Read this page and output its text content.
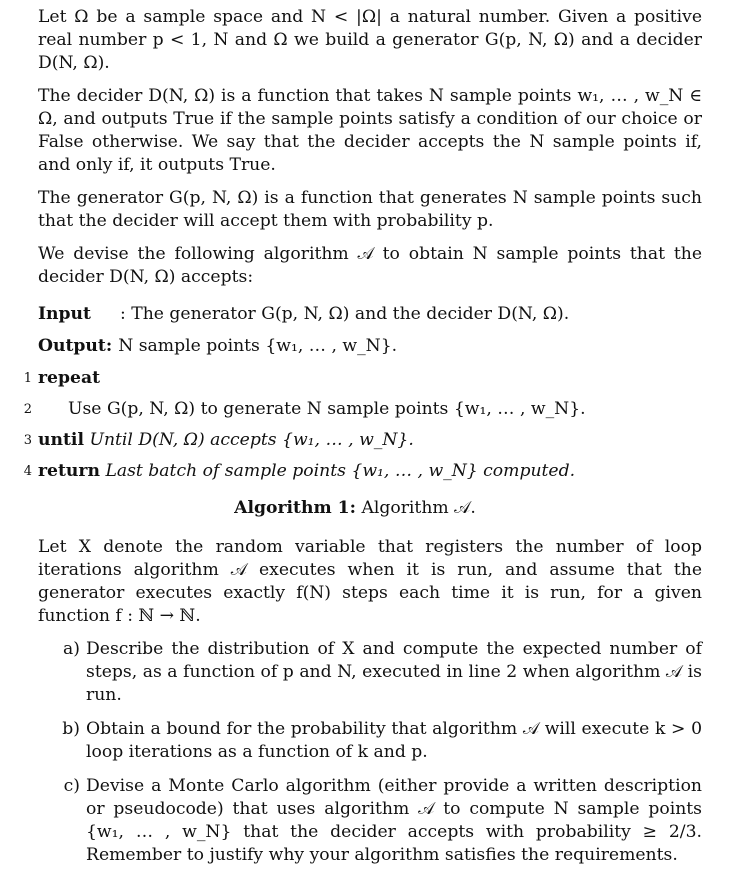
Let Ω be a sample space and N < |Ω| a natural number. Given a positive real number p < 1, N and Ω we build a generator G(p, N, Ω) and a decider D(N, Ω).

The decider D(N, Ω) is a function that takes N sample points w₁, … , w_N ∈ Ω, and outputs True if the sample points satisfy a condition of our choice or False otherwise. We say that the decider accepts the N sample points if, and only if, it outputs True.

The generator G(p, N, Ω) is a function that generates N sample points such that the decider will accept them with probability p.

We devise the following algorithm 𝒜 to obtain N sample points that the decider D(N, Ω) accepts:

Input	: The generator G(p, N, Ω) and the decider D(N, Ω).
Output: N sample points {w₁, … , w_N}.
1 repeat
2 Use G(p, N, Ω) to generate N sample points {w₁, … , w_N}.
3 until Until D(N, Ω) accepts {w₁, … , w_N}.
4 return Last batch of sample points {w₁, … , w_N} computed.
Algorithm 1: Algorithm 𝒜.

Let X denote the random variable that registers the number of loop iterations algorithm 𝒜 executes when it is run, and assume that the generator executes exactly f(N) steps each time it is run, for a given function f : ℕ → ℕ.

a) Describe the distribution of X and compute the expected number of steps, as a function of p and N, executed in line 2 when algorithm 𝒜 is run.
b) Obtain a bound for the probability that algorithm 𝒜 will execute k > 0 loop iterations as a function of k and p.
c) Devise a Monte Carlo algorithm (either provide a written description or pseudocode) that uses algorithm 𝒜 to compute N sample points {w₁, … , w_N} that the decider accepts with probability ≥ 2/3. Remember to justify why your algorithm satisfies the requirements.
